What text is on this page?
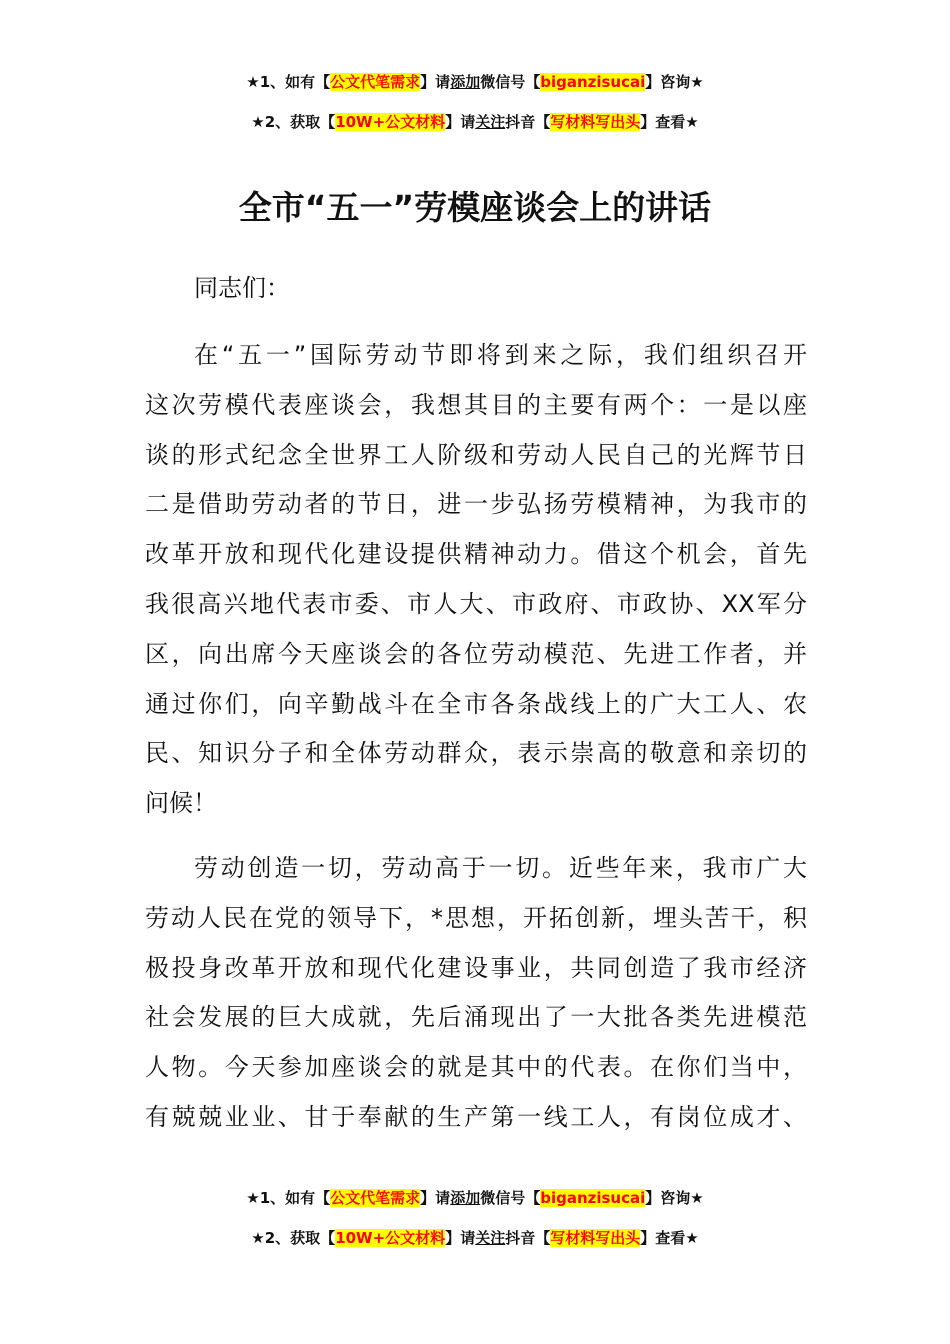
★1、如有【公文代笔需求】请添加微信号【biganzisucai】咨询★
★2、获取【10W+公文材料】请关注抖音【写材料写出头】查看★
全市“五一”劳模座谈会上的讲话

同志们：

在“五一”国际劳动节即将到来之际，我们组织召开
这次劳模代表座谈会，我想其目的主要有两个：一是以座
谈的形式纪念全世界工人阶级和劳动人民自己的光辉节日
二是借助劳动者的节日，进一步弘扬劳模精神，为我市的
改革开放和现代化建设提供精神动力。借这个机会，首先
我很高兴地代表市委、市人大、市政府、市政协、XX军分
区，向出席今天座谈会的各位劳动模范、先进工作者，并
通过你们，向辛勤战斗在全市各条战线上的广大工人、农
民、知识分子和全体劳动群众，表示崇高的敬意和亲切的
问候！
劳动创造一切，劳动高于一切。近些年来，我市广大
劳动人民在党的领导下，*思想，开拓创新，埋头苦干，积
极投身改革开放和现代化建设事业，共同创造了我市经济
社会发展的巨大成就，先后涌现出了一大批各类先进模范
人物。今天参加座谈会的就是其中的代表。在你们当中，
有兢兢业业、甘于奉献的生产第一线工人，有岗位成才、
★1、如有【公文代笔需求】请添加微信号【biganzisucai】咨询★
★2、获取【10W+公文材料】请关注抖音【写材料写出头】查看★
